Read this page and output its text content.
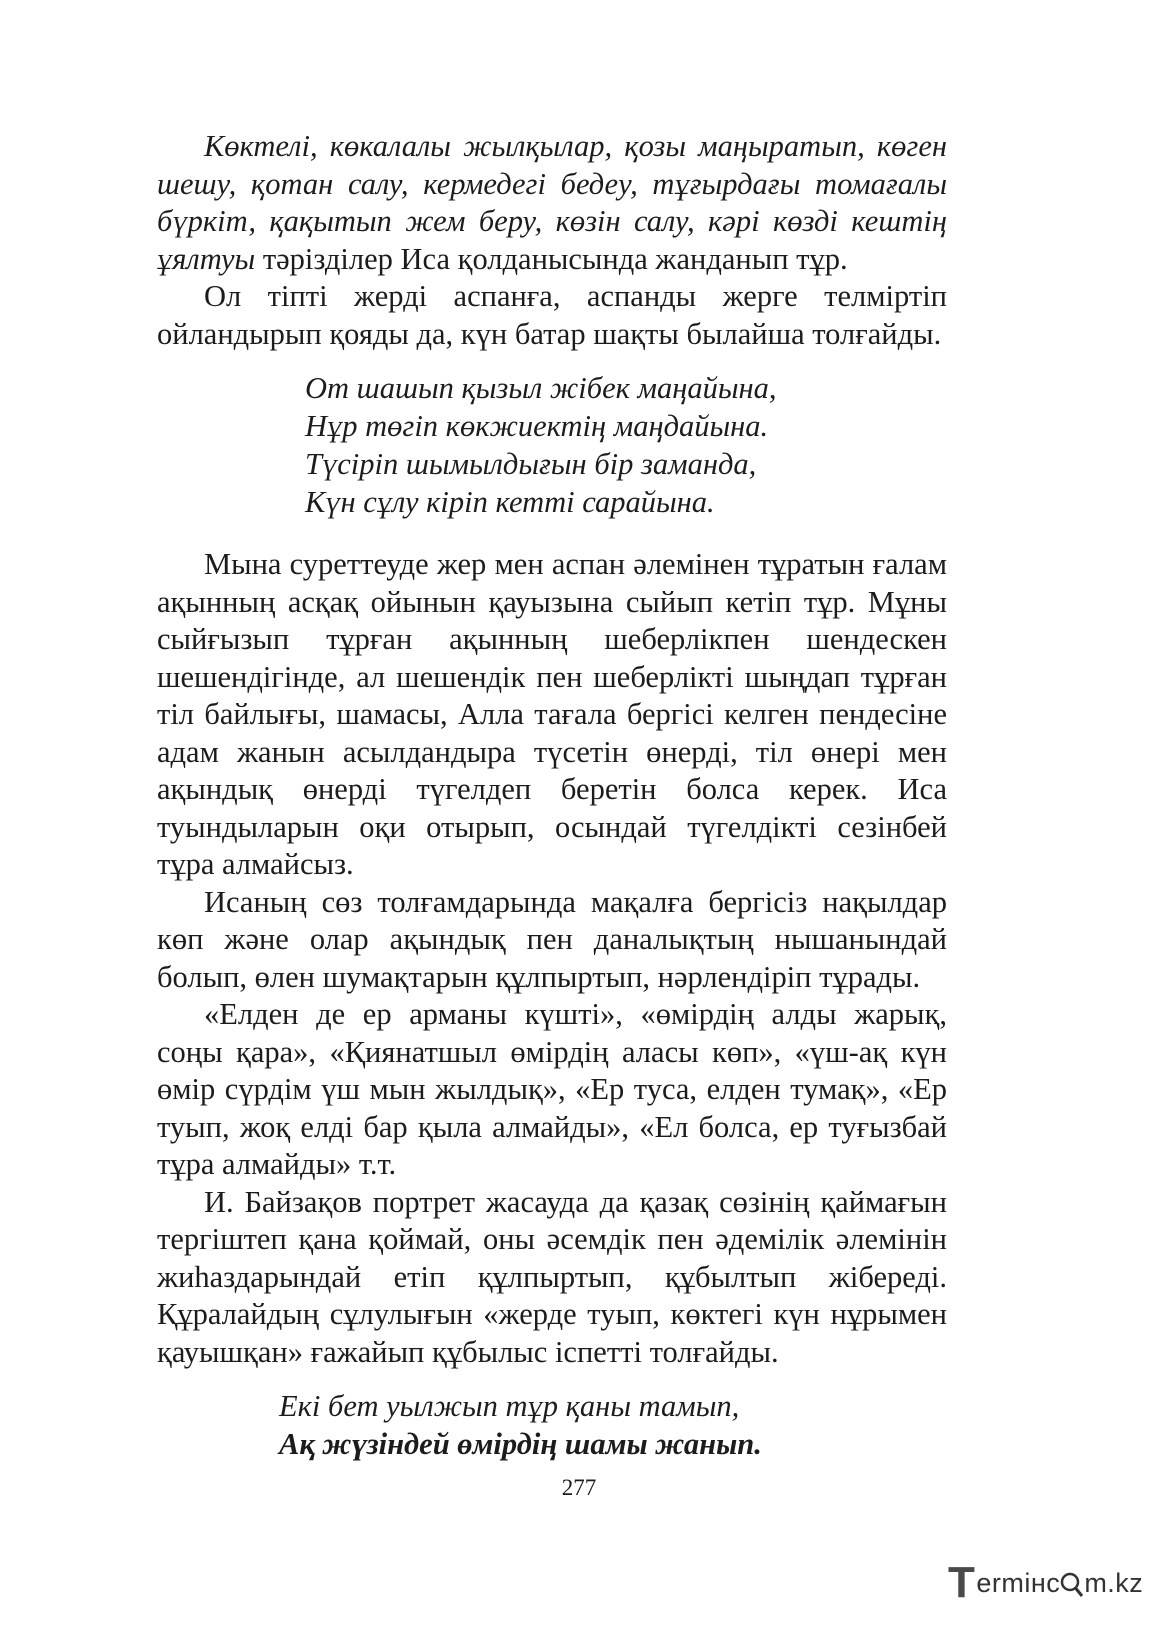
Көктелі, көкалалы жылқылар, қозы маңыратып, көген шешу, қотан салу, кермедегі бедеу, тұғырдағы томағалы бүркіт, қақытып жем беру, көзін салу, кәрі көзді кештің ұялтуы тәрізділер Иса қолданысында жанданып тұр.

Ол тіпті жерді аспанға, аспанды жерге телміртіп ойландырып қояды да, күн батар шақты былайша толғайды.

От шашып қызыл жібек маңайына,
Нұр төгіп көкжиектің маңдайына.
Түсіріп шымылдығын бір заманда,
Күн сұлу кіріп кетті сарайына.

Мына суреттеуде жер мен аспан әлемінен тұратын ғалам ақынның асқақ ойынын қауызына сыйып кетіп тұр. Мұны сыйғызып тұрған ақынның шеберлікпен шендескен шешендігінде, ал шешендік пен шеберлікті шыңдап тұрған тіл байлығы, шамасы, Алла тағала бергісі келген пендесіне адам жанын асылдандыра түсетін өнерді, тіл өнері мен ақындық өнерді түгелдеп беретін болса керек. Иса туындыларын оқи отырып, осындай түгелдікті сезінбей тұра алмайсыз.

Исаның сөз толғамдарында мақалға бергісіз нақылдар көп және олар ақындық пен даналықтың нышанындай болып, өлен шумақтарын құлпыртып, нәрлендіріп тұрады.

«Елден де ер арманы күшті», «өмірдің алды жарық, соңы қара», «Қиянатшыл өмірдің аласы көп», «үш-ақ күн өмір сүрдім үш мын жылдық», «Ер туса, елден тумақ», «Ер туып, жоқ елді бар қыла алмайды», «Ел болса, ер туғызбай тұра алмайды» т.т.

И. Байзақов портрет жасауда да қазақ сөзінің қаймағын тергіштеп қана қоймай, оны әсемдік пен әдемілік әлемінін жиһаздарындай етіп құлпыртып, құбылтып жібереді. Құралайдың сұлулығын «жерде туып, көктегі күн нұрымен қауышқан» ғажайып құбылыс іспетті толғайды.

Екі бет уылжып тұр қаны тамып,
Ақ жүзіндей өмірдің шамы жанып.
277
T ermінc m.kz
